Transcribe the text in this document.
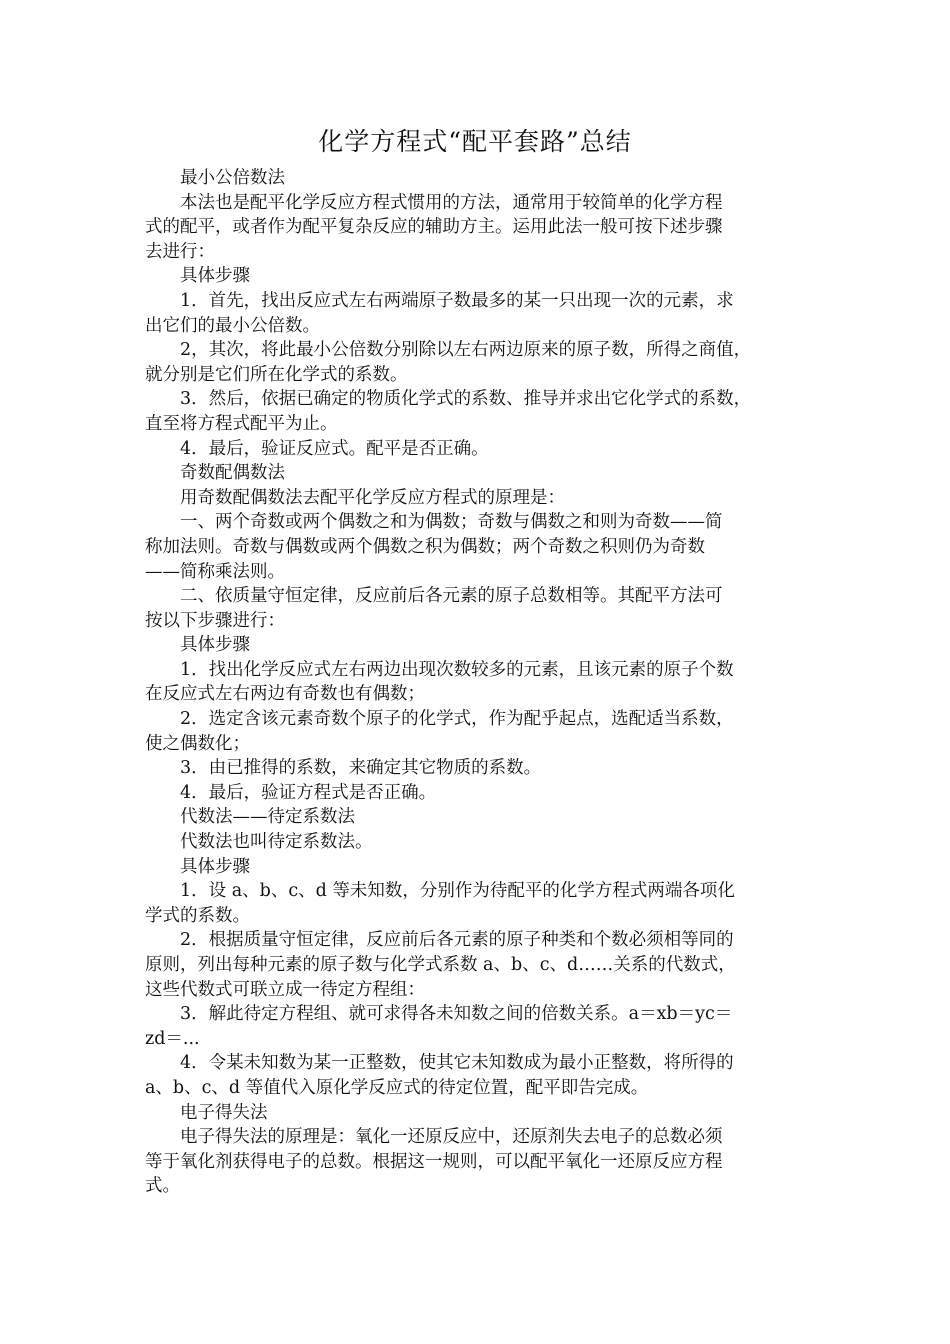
化学方程式“配平套路”总结
最小公倍数法
本法也是配平化学反应方程式惯用的方法，通常用于较简单的化学方程
式的配平，或者作为配平复杂反应的辅助方主。运用此法一般可按下述步骤
去进行：
具体步骤
1．首先，找出反应式左右两端原子数最多的某一只出现一次的元素，求
出它们的最小公倍数。
2，其次，将此最小公倍数分别除以左右两边原来的原子数，所得之商值，
就分别是它们所在化学式的系数。
3．然后，依据已确定的物质化学式的系数、推导并求出它化学式的系数，
直至将方程式配平为止。
4．最后，验证反应式。配平是否正确。
奇数配偶数法
用奇数配偶数法去配平化学反应方程式的原理是：
一、两个奇数或两个偶数之和为偶数；奇数与偶数之和则为奇数——简
称加法则。奇数与偶数或两个偶数之积为偶数；两个奇数之积则仍为奇数
——简称乘法则。
二、依质量守恒定律，反应前后各元素的原子总数相等。其配平方法可
按以下步骤进行：
具体步骤
1．找出化学反应式左右两边出现次数较多的元素，且该元素的原子个数
在反应式左右两边有奇数也有偶数；
2．选定含该元素奇数个原子的化学式，作为配乎起点，选配适当系数，
使之偶数化；
3．由已推得的系数，来确定其它物质的系数。
4．最后，验证方程式是否正确。
代数法——待定系数法
代数法也叫待定系数法。
具体步骤
1．设 a、b、c、d 等未知数，分别作为待配平的化学方程式两端各项化
学式的系数。
2．根据质量守恒定律，反应前后各元素的原子种类和个数必须相等同的
原则，列出每种元素的原子数与化学式系数 a、b、c、d……关系的代数式，
这些代数式可联立成一待定方程组：
3．解此待定方程组、就可求得各未知数之间的倍数关系。a＝xb＝yc＝
zd＝...
4．令某未知数为某一正整数，使其它未知数成为最小正整数，将所得的
a、b、c、d 等值代入原化学反应式的待定位置，配平即告完成。
电子得失法
电子得失法的原理是：氧化一还原反应中，还原剂失去电子的总数必须
等于氧化剂获得电子的总数。根据这一规则，可以配平氧化一还原反应方程
式。
